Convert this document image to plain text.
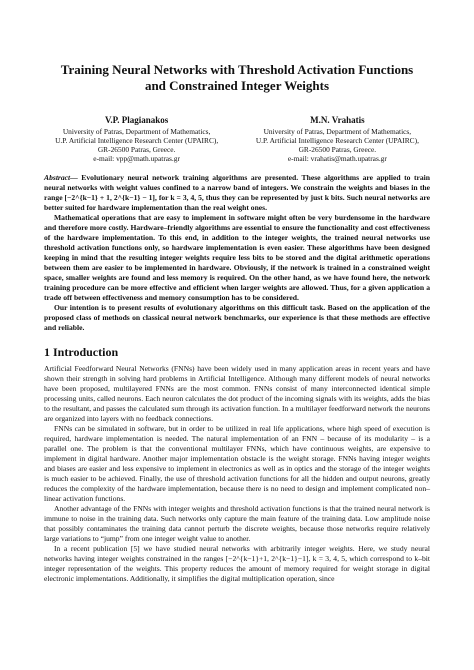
Training Neural Networks with Threshold Activation Functions
and Constrained Integer Weights
V.P. Plagianakos
University of Patras, Department of Mathematics,
U.P. Artificial Intelligence Research Center (UPAIRC),
GR-26500 Patras, Greece.
e-mail: vpp@math.upatras.gr
M.N. Vrahatis
University of Patras, Department of Mathematics,
U.P. Artificial Intelligence Research Center (UPAIRC),
GR-26500 Patras, Greece.
e-mail: vrahatis@math.upatras.gr

Abstract— Evolutionary neural network training algorithms are presented. These algorithms are applied to train neural networks with weight values confined to a narrow band of integers. We constrain the weights and biases in the range [−2^{k−1} + 1, 2^{k−1} − 1], for k = 3, 4, 5, thus they can be represented by just k bits. Such neural networks are better suited for hardware implementation than the real weight ones.

Mathematical operations that are easy to implement in software might often be very burdensome in the hardware and therefore more costly. Hardware–friendly algorithms are essential to ensure the functionality and cost effectiveness of the hardware implementation. To this end, in addition to the integer weights, the trained neural networks use threshold activation functions only, so hardware implementation is even easier. These algorithms have been designed keeping in mind that the resulting integer weights require less bits to be stored and the digital arithmetic operations between them are easier to be implemented in hardware. Obviously, if the network is trained in a constrained weight space, smaller weights are found and less memory is required. On the other hand, as we have found here, the network training procedure can be more effective and efficient when larger weights are allowed. Thus, for a given application a trade off between effectiveness and memory consumption has to be considered.

Our intention is to present results of evolutionary algorithms on this difficult task. Based on the application of the proposed class of methods on classical neural network benchmarks, our experience is that these methods are effective and reliable.

1 Introduction

Artificial Feedforward Neural Networks (FNNs) have been widely used in many application areas in recent years and have shown their strength in solving hard problems in Artificial Intelligence. Although many different models of neural networks have been proposed, multilayered FNNs are the most common. FNNs consist of many interconnected identical simple processing units, called neurons. Each neuron calculates the dot product of the incoming signals with its weights, adds the bias to the resultant, and passes the calculated sum through its activation function. In a multilayer feedforward network the neurons are organized into layers with no feedback connections.

FNNs can be simulated in software, but in order to be utilized in real life applications, where high speed of execution is required, hardware implementation is needed. The natural implementation of an FNN – because of its modularity – is a parallel one. The problem is that the conventional multilayer FNNs, which have continuous weights, are expensive to implement in digital hardware. Another major implementation obstacle is the weight storage. FNNs having integer weights and biases are easier and less expensive to implement in electronics as well as in optics and the storage of the integer weights is much easier to be achieved. Finally, the use of threshold activation functions for all the hidden and output neurons, greatly reduces the complexity of the hardware implementation, because there is no need to design and implement complicated non–linear activation functions.

Another advantage of the FNNs with integer weights and threshold activation functions is that the trained neural network is immune to noise in the training data. Such networks only capture the main feature of the training data. Low amplitude noise that possibly contaminates the training data cannot perturb the discrete weights, because those networks require relatively large variations to “jump” from one integer weight value to another.

In a recent publication [5] we have studied neural networks with arbitrarily integer weights. Here, we study neural networks having integer weights constrained in the ranges [−2^{k−1}+1, 2^{k−1}−1], k = 3, 4, 5, which correspond to k–bit integer representation of the weights. This property reduces the amount of memory required for weight storage in digital electronic implementations. Additionally, it simplifies the digital multiplication operation, since
